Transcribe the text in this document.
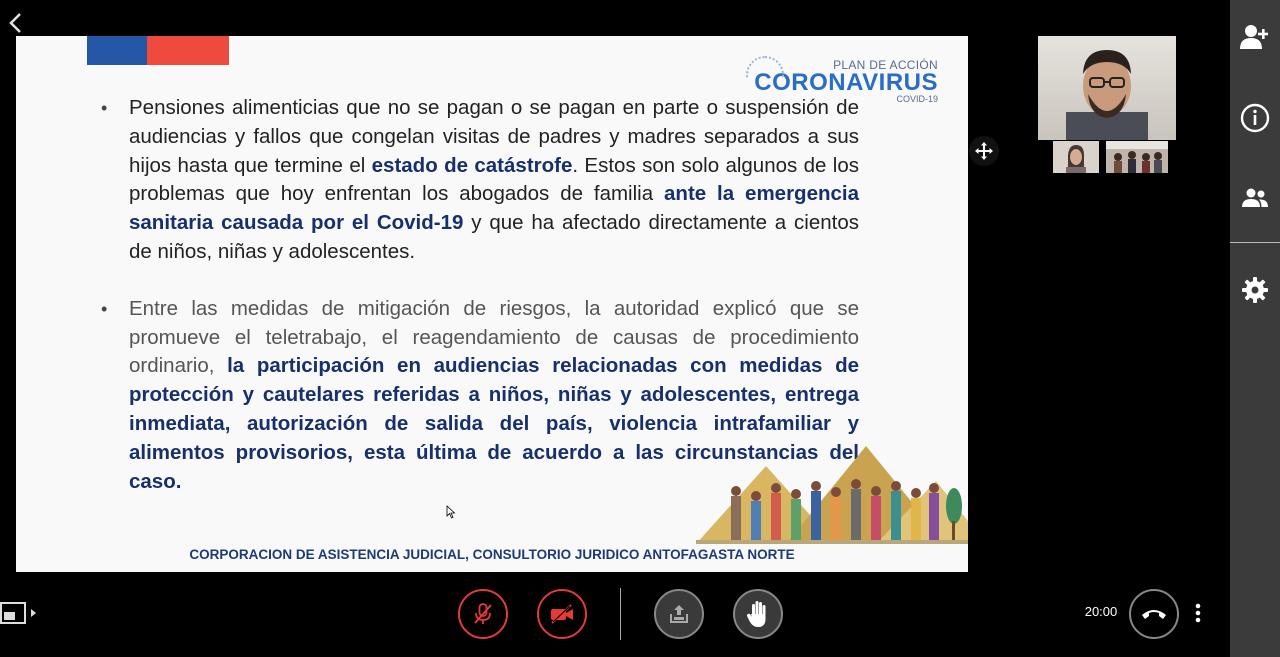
PLAN DE ACCIÓN
CORONAVIRUS
COVID-19
• Pensiones alimenticias que no se pagan o se pagan en parte o suspensión de audiencias y fallos que congelan visitas de padres y madres separados a sus hijos hasta que termine el estado de catástrofe. Estos son solo algunos de los problemas que hoy enfrentan los abogados de familia ante la emergencia sanitaria causada por el Covid-19 y que ha afectado directamente a cientos de niños, niñas y adolescentes.
• Entre las medidas de mitigación de riesgos, la autoridad explicó que se promueve el teletrabajo, el reagendamiento de causas de procedimiento ordinario, la participación en audiencias relacionadas con medidas de protección y cautelares referidas a niños, niñas y adolescentes, entrega inmediata, autorización de salida del país, violencia intrafamiliar y alimentos provisorios, esta última de acuerdo a las circunstancias del caso.
CORPORACION DE ASISTENCIA JUDICIAL, CONSULTORIO JURIDICO ANTOFAGASTA NORTE
20:00
